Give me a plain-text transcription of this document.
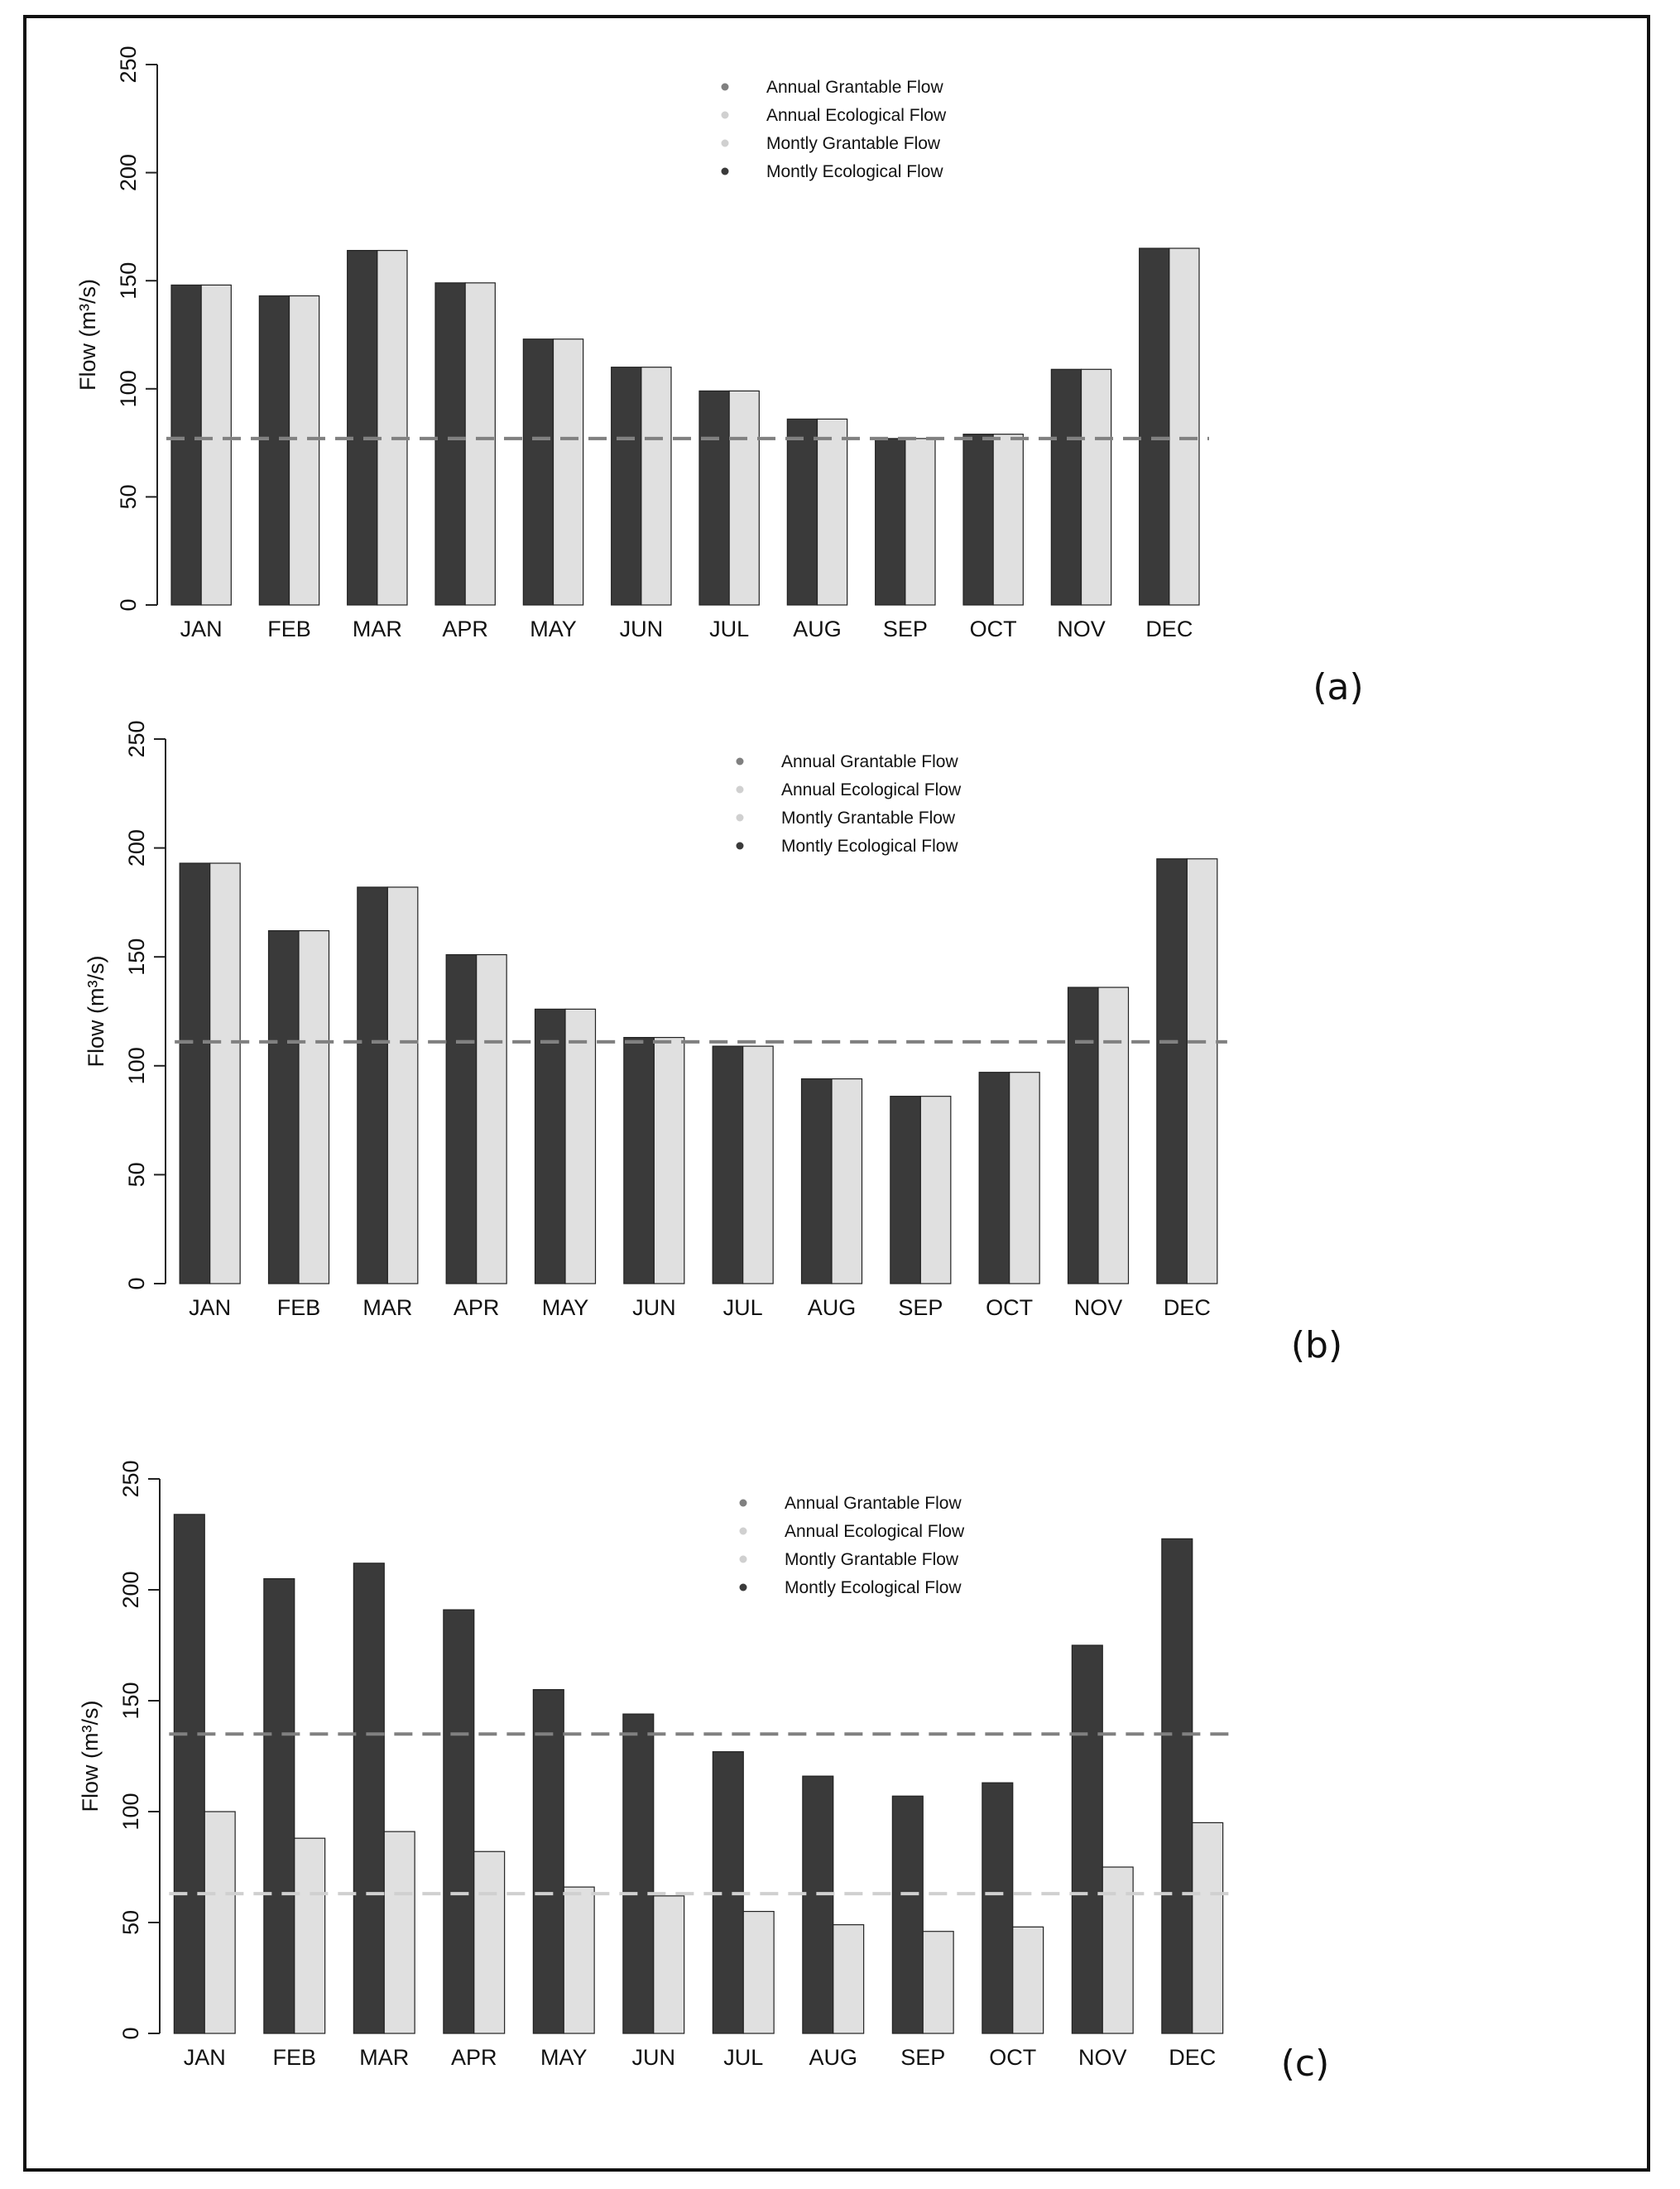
0
50
100
150
200
250
Flow (m³/s)
JAN FEB MAR APR MAY JUN JUL AUG SEP OCT NOV DEC
Annual Grantable Flow
Annual Ecological Flow
Montly Grantable Flow
Montly Ecological Flow
(a)
0
50
100
150
200
250
Flow (m³/s)
JAN FEB MAR APR MAY JUN JUL AUG SEP OCT NOV DEC
Annual Grantable Flow
Annual Ecological Flow
Montly Grantable Flow
Montly Ecological Flow
(b)
0
50
100
150
200
250
Flow (m³/s)
JAN FEB MAR APR MAY JUN JUL AUG SEP OCT NOV DEC
Annual Grantable Flow
Annual Ecological Flow
Montly Grantable Flow
Montly Ecological Flow
(c)
